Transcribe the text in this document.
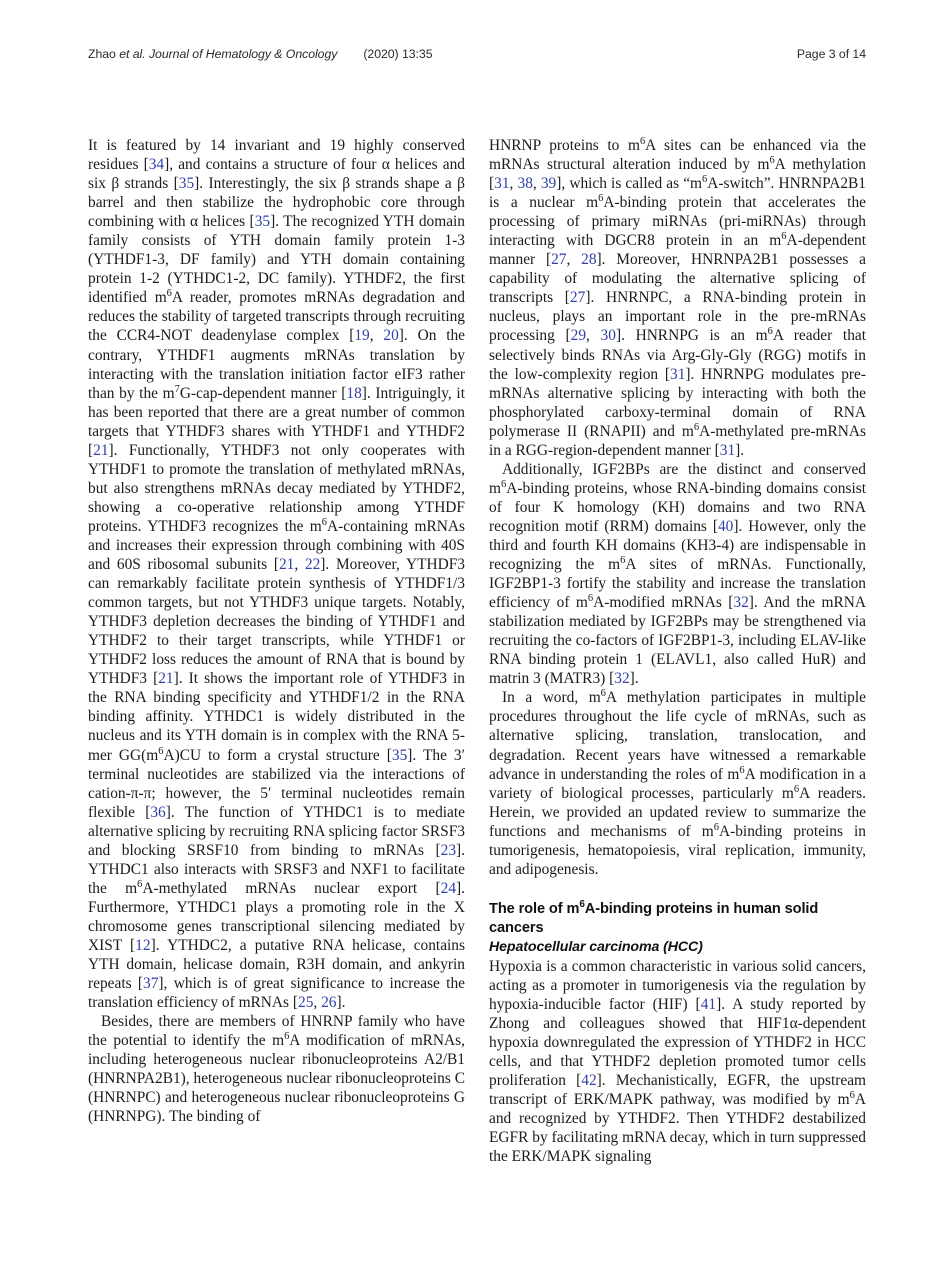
Zhao et al. Journal of Hematology & Oncology (2020) 13:35	Page 3 of 14

It is featured by 14 invariant and 19 highly conserved residues [34], and contains a structure of four α helices and six β strands [35]. Interestingly, the six β strands shape a β barrel and then stabilize the hydrophobic core through combining with α helices [35]. The recognized YTH domain family consists of YTH domain family protein 1-3 (YTHDF1-3, DF family) and YTH domain containing protein 1-2 (YTHDC1-2, DC family). YTHDF2, the first identified $m^6A$ reader, promotes mRNAs degradation and reduces the stability of targeted transcripts through recruiting the CCR4-NOT deadenylase complex [19, 20]. On the contrary, YTHDF1 augments mRNAs translation by interacting with the translation initiation factor eIF3 rather than by the $m^7G-cap$-dependent manner [18]. Intriguingly, it has been reported that there are a great number of common targets that YTHDF3 shares with YTHDF1 and YTHDF2 [21]. Functionally, YTHDF3 not only cooperates with YTHDF1 to promote the translation of methylated mRNAs, but also strengthens mRNAs decay mediated by YTHDF2, showing a co-operative relationship among YTHDF proteins. YTHDF3 recognizes the $m^6A$-containing mRNAs and increases their expression through combining with 40S and 60S ribosomal subunits [21, 22]. Moreover, YTHDF3 can remarkably facilitate protein synthesis of YTHDF1/3 common targets, but not YTHDF3 unique targets. Notably, YTHDF3 depletion decreases the binding of YTHDF1 and YTHDF2 to their target transcripts, while YTHDF1 or YTHDF2 loss reduces the amount of RNA that is bound by YTHDF3 [21]. It shows the important role of YTHDF3 in the RNA binding specificity and YTHDF1/2 in the RNA binding affinity. YTHDC1 is widely distributed in the nucleus and its YTH domain is in complex with the RNA 5-mer $GG(m^6A)CU$ to form a crystal structure [35]. The 3′ terminal nucleotides are stabilized via the interactions of cation-π-π; however, the 5′ terminal nucleotides remain flexible [36]. The function of YTHDC1 is to mediate alternative splicing by recruiting RNA splicing factor SRSF3 and blocking SRSF10 from binding to mRNAs [23]. YTHDC1 also interacts with SRSF3 and NXF1 to facilitate the $m^6A$-methylated mRNAs nuclear export [24]. Furthermore, YTHDC1 plays a promoting role in the X chromosome genes transcriptional silencing mediated by XIST [12]. YTHDC2, a putative RNA helicase, contains YTH domain, helicase domain, R3H domain, and ankyrin repeats [37], which is of great significance to increase the translation efficiency of mRNAs [25, 26].

Besides, there are members of HNRNP family who have the potential to identify the $m^6A$ modification of mRNAs, including heterogeneous nuclear ribonucleoproteins A2/B1 (HNRNPA2B1), heterogeneous nuclear ribonucleoproteins C (HNRNPC) and heterogeneous nuclear ribonucleoproteins G (HNRNPG). The binding of

HNRNP proteins to $m^6A$ sites can be enhanced via the mRNAs structural alteration induced by $m^6A$ methylation [31, 38, 39], which is called as “$m^6A$-switch”. HNRNPA2B1 is a nuclear $m^6A$-binding protein that accelerates the processing of primary miRNAs (pri-miRNAs) through interacting with DGCR8 protein in an $m^6A$-dependent manner [27, 28]. Moreover, HNRNPA2B1 possesses a capability of modulating the alternative splicing of transcripts [27]. HNRNPC, a RNA-binding protein in nucleus, plays an important role in the pre-mRNAs processing [29, 30]. HNRNPG is an $m^6A$ reader that selectively binds RNAs via Arg-Gly-Gly (RGG) motifs in the low-complexity region [31]. HNRNPG modulates pre-mRNAs alternative splicing by interacting with both the phosphorylated carboxy-terminal domain of RNA polymerase II (RNAPII) and $m^6A$-methylated pre-mRNAs in a RGG-region-dependent manner [31].

Additionally, IGF2BPs are the distinct and conserved $m^6A$-binding proteins, whose RNA-binding domains consist of four K homology (KH) domains and two RNA recognition motif (RRM) domains [40]. However, only the third and fourth KH domains (KH3-4) are indispensable in recognizing the $m^6A$ sites of mRNAs. Functionally, IGF2BP1-3 fortify the stability and increase the translation efficiency of $m^6A$-modified mRNAs [32]. And the mRNA stabilization mediated by IGF2BPs may be strengthened via recruiting the co-factors of IGF2BP1-3, including ELAV-like RNA binding protein 1 (ELAVL1, also called HuR) and matrin 3 (MATR3) [32].

In a word, $m^6A$ methylation participates in multiple procedures throughout the life cycle of mRNAs, such as alternative splicing, translation, translocation, and degradation. Recent years have witnessed a remarkable advance in understanding the roles of $m^6A$ modification in a variety of biological processes, particularly $m^6A$ readers. Herein, we provided an updated review to summarize the functions and mechanisms of $m^6A$-binding proteins in tumorigenesis, hematopoiesis, viral replication, immunity, and adipogenesis.

The role of $m^6A$-binding proteins in human solid cancers
Hepatocellular carcinoma (HCC)

Hypoxia is a common characteristic in various solid cancers, acting as a promoter in tumorigenesis via the regulation by hypoxia-inducible factor (HIF) [41]. A study reported by Zhong and colleagues showed that HIF1α-dependent hypoxia downregulated the expression of YTHDF2 in HCC cells, and that YTHDF2 depletion promoted tumor cells proliferation [42]. Mechanistically, EGFR, the upstream transcript of ERK/MAPK pathway, was modified by $m^6A$ and recognized by YTHDF2. Then YTHDF2 destabilized EGFR by facilitating mRNA decay, which in turn suppressed the ERK/MAPK signaling
